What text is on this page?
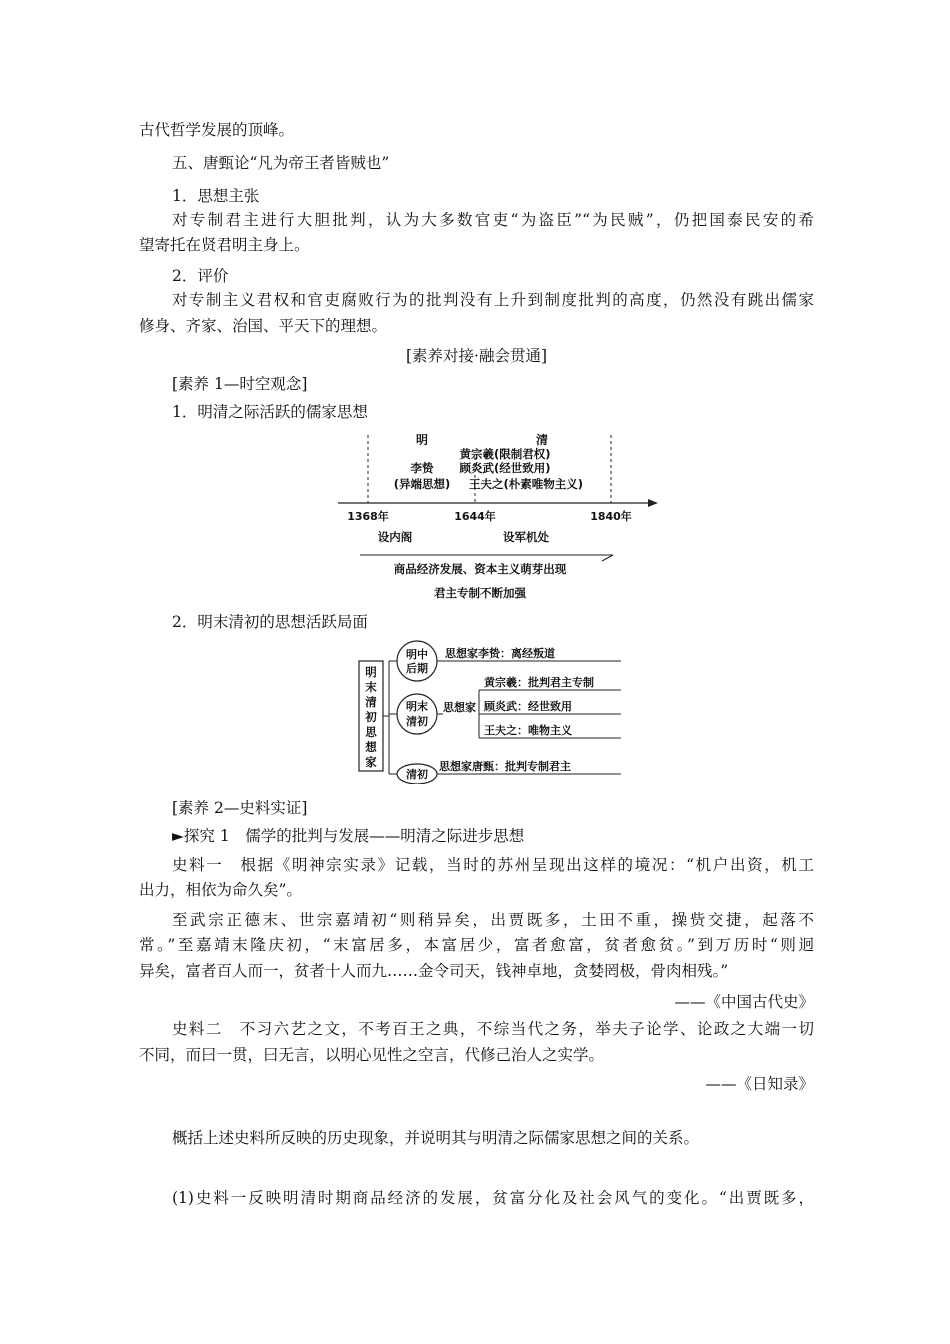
古代哲学发展的顶峰。
五、唐甄论“凡为帝王者皆贼也”
1．思想主张
对专制君主进行大胆批判，认为大多数官吏“为盗臣”“为民贼”，仍把国泰民安的希
望寄托在贤君明主身上。
2．评价
对专制主义君权和官吏腐败行为的批判没有上升到制度批判的高度，仍然没有跳出儒家
修身、齐家、治国、平天下的理想。
[素养对接·融会贯通]
[素养 1—时空观念]
1．明清之际活跃的儒家思想
明	清
黄宗羲(限制君权)
李贽 顾炎武(经世致用)
(异端思想) 王夫之(朴素唯物主义)
1368年	1644年	1840年
设内阁	设军机处
商品经济发展、资本主义萌芽出现
君主专制不断加强
2．明末清初的思想活跃局面
明
末
清
初
思
想
家
明中
后期
思想家李贽：离经叛道
明末
清初
思想家
黄宗羲：批判君主专制
顾炎武：经世致用
王夫之：唯物主义
清初
思想家唐甄：批判专制君主
[素养 2—史料实证]
►探究 1　儒学的批判与发展——明清之际进步思想
史料一　根据《明神宗实录》记载，当时的苏州呈现出这样的境况：“机户出资，机工
出力，相依为命久矣”。
至武宗正德末、世宗嘉靖初“则稍异矣，出贾既多，土田不重，操赀交捷，起落不
常。”至嘉靖末隆庆初，“末富居多，本富居少，富者愈富，贫者愈贫。”到万历时“则迥
异矣，富者百人而一，贫者十人而九……金令司天，钱神卓地，贪婪罔极，骨肉相残。”
——《中国古代史》
史料二　不习六艺之文，不考百王之典，不综当代之务，举夫子论学、论政之大端一切
不同，而曰一贯，曰无言，以明心见性之空言，代修己治人之实学。
——《日知录》
概括上述史料所反映的历史现象，并说明其与明清之际儒家思想之间的关系。
(1)史料一反映明清时期商品经济的发展，贫富分化及社会风气的变化。“出贾既多，
